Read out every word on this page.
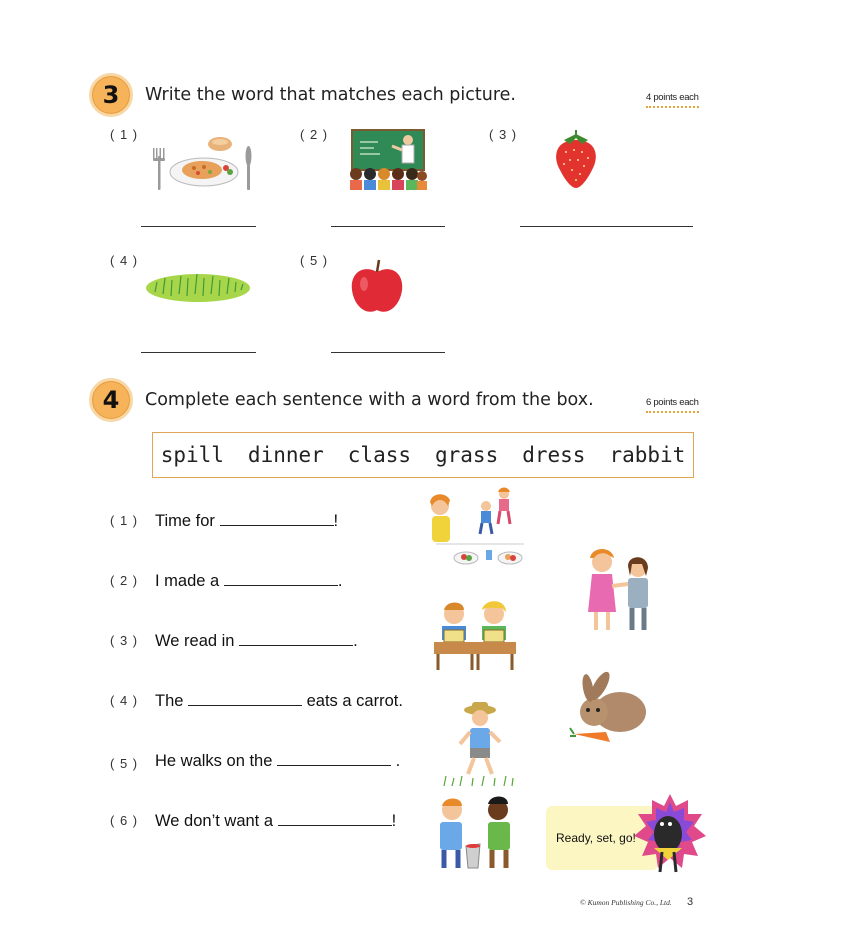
3	Write the word that matches each picture.	4 points each
( 1 )	( 2 )	( 3 )
( 4 )	( 5 )
4	Complete each sentence with a word from the box.	6 points each
spill dinner class grass dress rabbit
( 1 ) Time for	!
( 2 ) I made a	.
( 3 ) We read in	.
( 4 ) The	eats a carrot.
( 5 ) He walks on the	.
( 6 ) We don’t want a	!
Ready, set, go!
© Kumon Publishing Co., Ltd. 3
